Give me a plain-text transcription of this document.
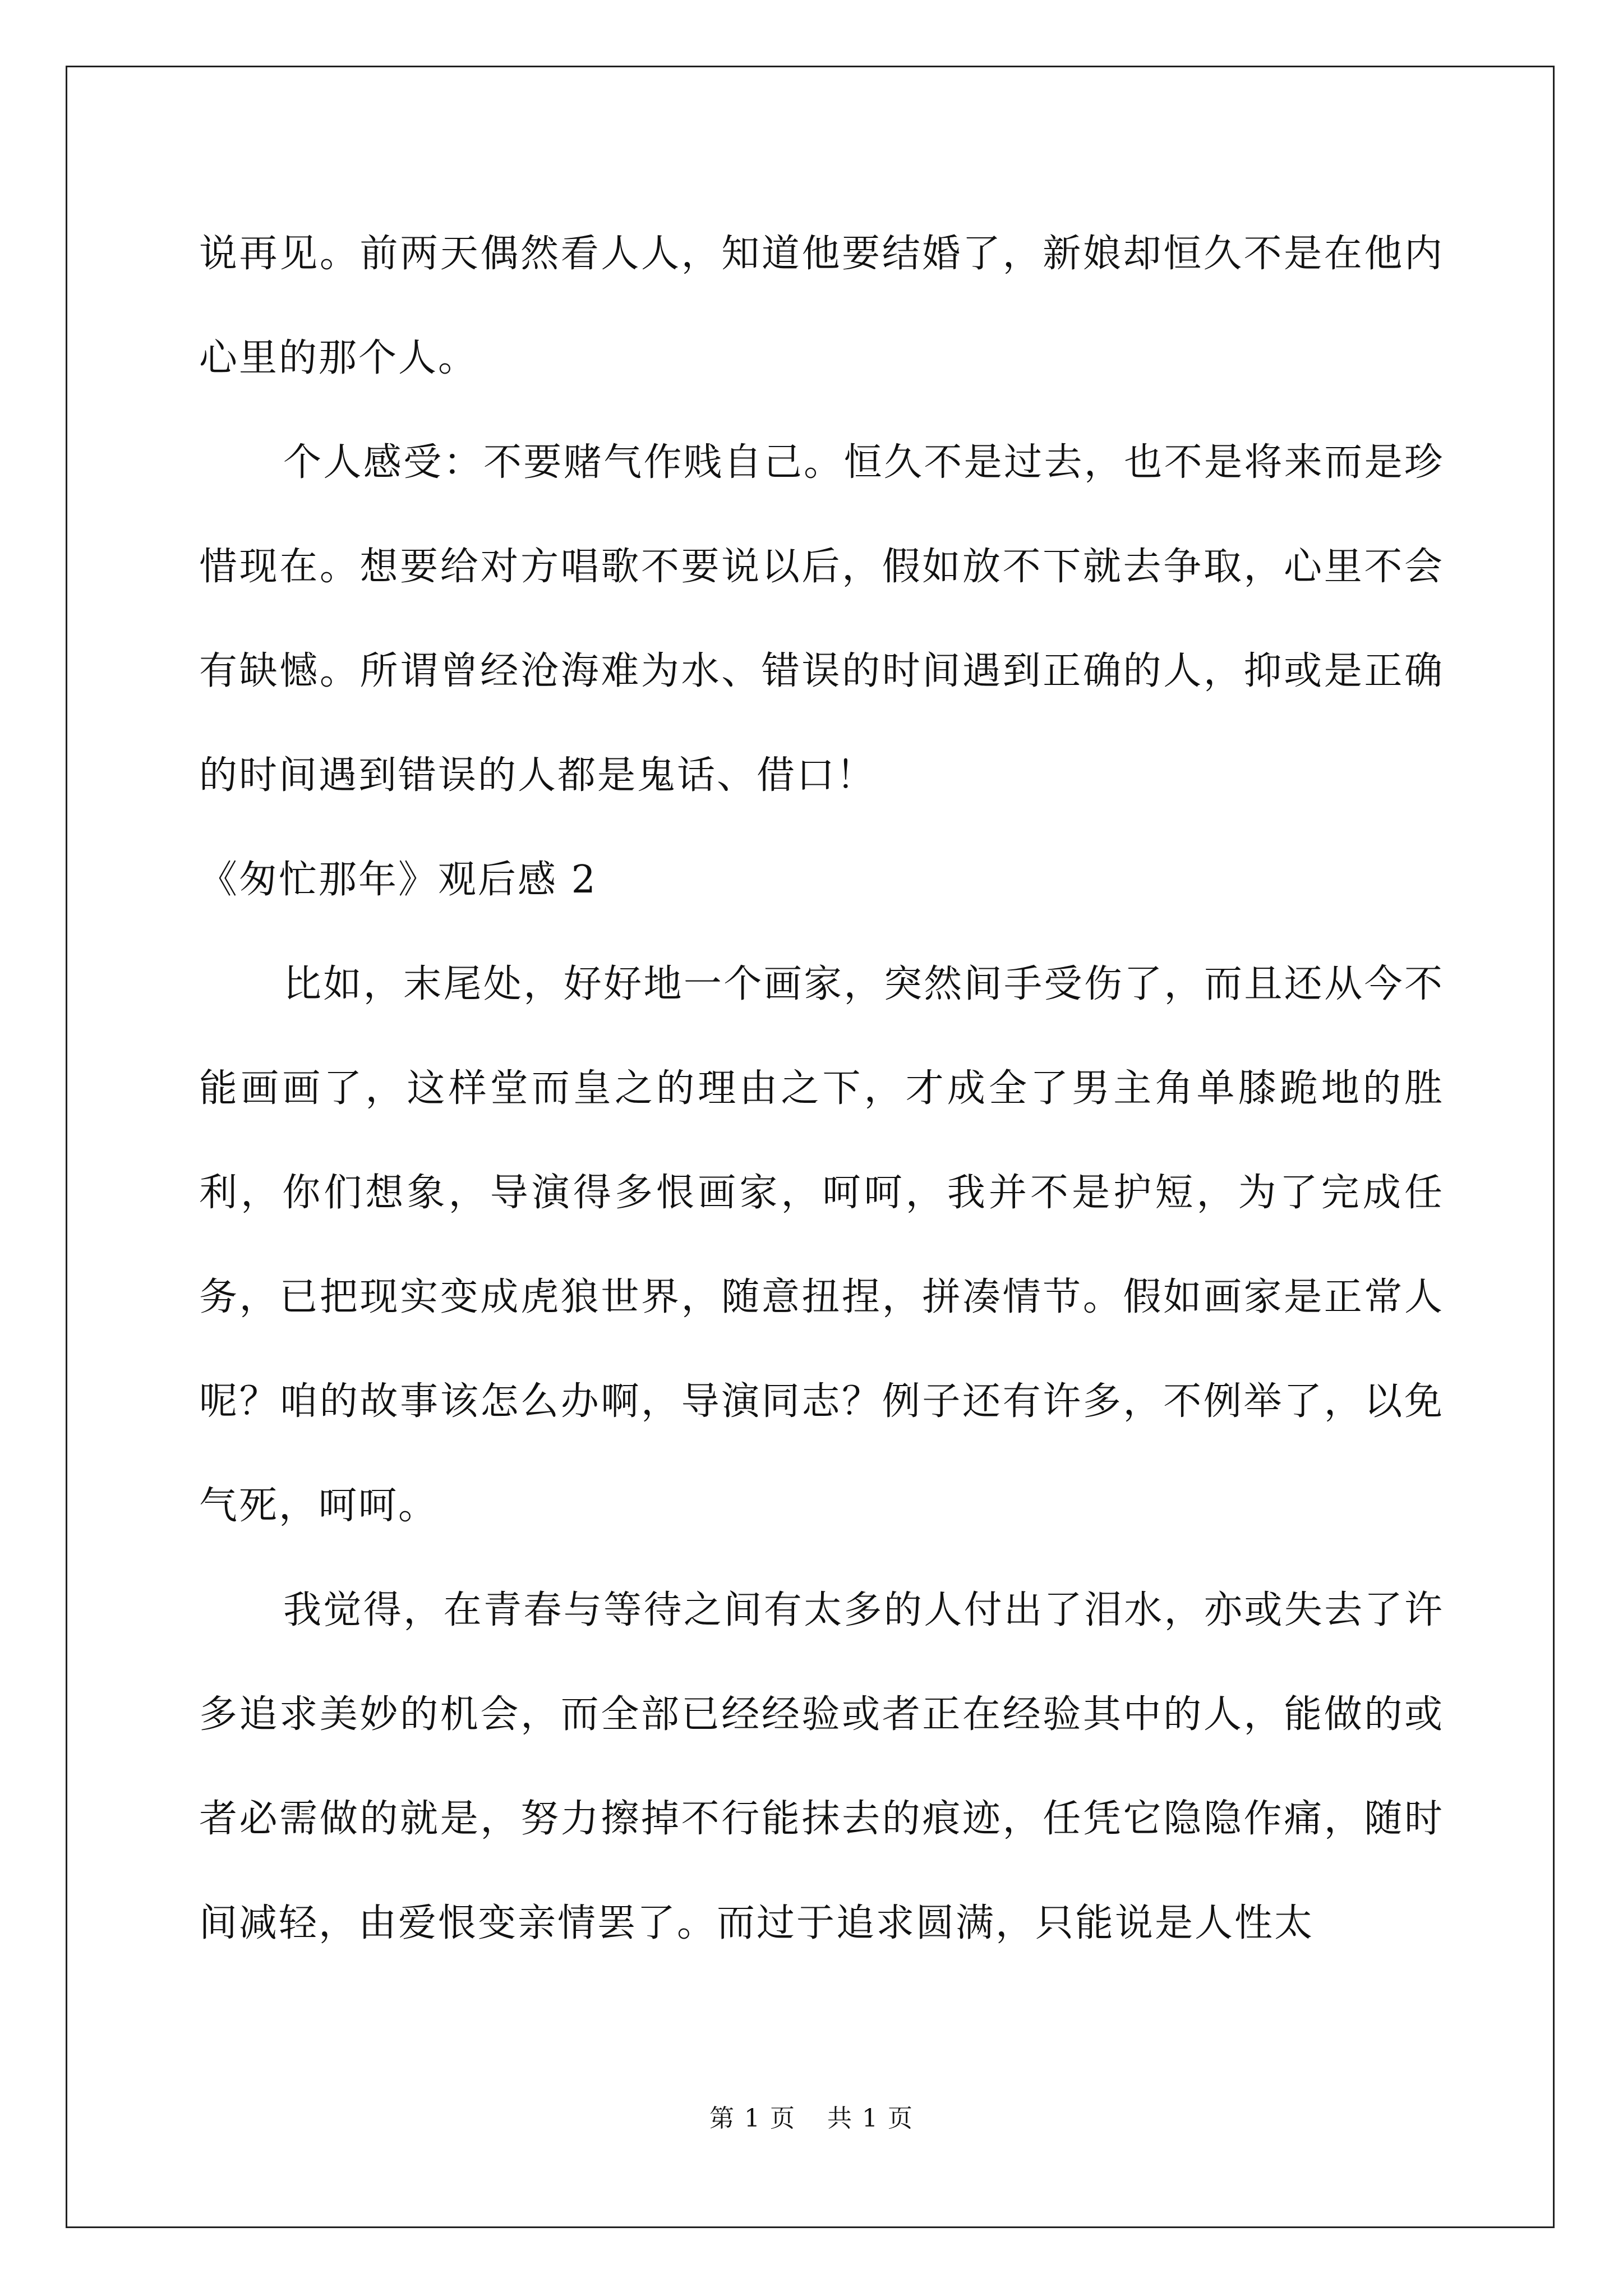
说再见。前两天偶然看人人，知道他要结婚了，新娘却恒久不是在他内心里的那个人。

个人感受：不要赌气作贱自己。恒久不是过去，也不是将来而是珍惜现在。想要给对方唱歌不要说以后，假如放不下就去争取，心里不会有缺憾。所谓曾经沧海难为水、错误的时间遇到正确的人，抑或是正确的时间遇到错误的人都是鬼话、借口！

《匆忙那年》观后感 2

比如，末尾处，好好地一个画家，突然间手受伤了，而且还从今不能画画了，这样堂而皇之的理由之下，才成全了男主角单膝跪地的胜利，你们想象，导演得多恨画家，呵呵，我并不是护短，为了完成任务，已把现实变成虎狼世界，随意扭捏，拼凑情节。假如画家是正常人呢？咱的故事该怎么办啊，导演同志？例子还有许多，不例举了，以免气死，呵呵。

我觉得，在青春与等待之间有太多的人付出了泪水，亦或失去了许多追求美妙的机会，而全部已经经验或者正在经验其中的人，能做的或者必需做的就是，努力擦掉不行能抹去的痕迹，任凭它隐隐作痛，随时间减轻，由爱恨变亲情罢了。而过于追求圆满，只能说是人性太

第 1 页 共 1 页
